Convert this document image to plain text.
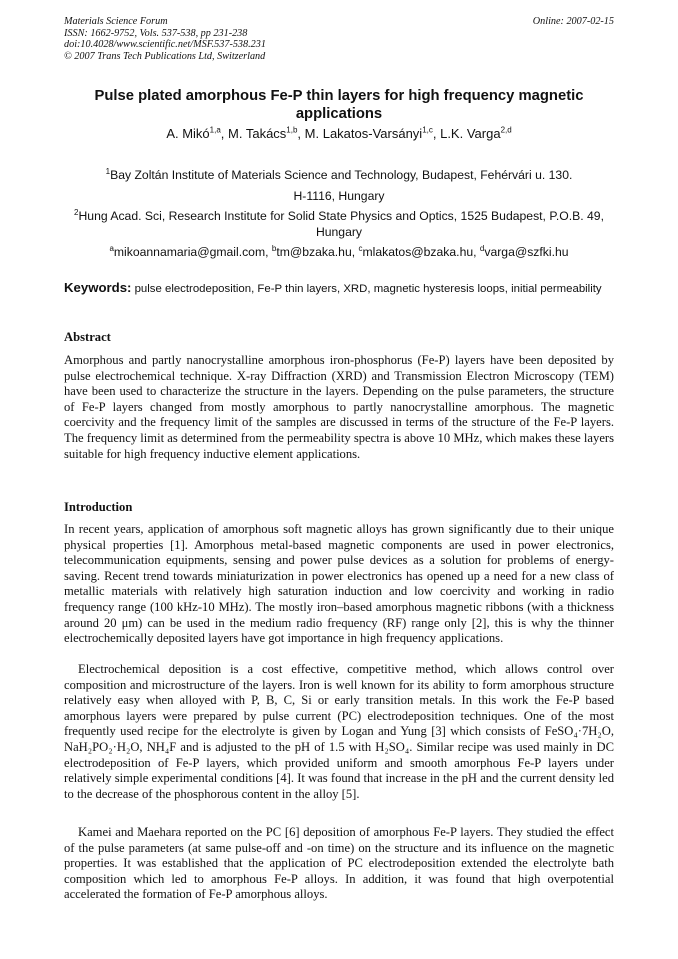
Materials Science Forum
ISSN: 1662-9752, Vols. 537-538, pp 231-238
doi:10.4028/www.scientific.net/MSF.537-538.231
© 2007 Trans Tech Publications Ltd, Switzerland
Online: 2007-02-15
Pulse plated amorphous Fe-P thin layers for high frequency magnetic applications
A. Mikó$^{1,a}$, M. Takács$^{1,b}$, M. Lakatos-Varsányi$^{1,c}$, L.K. Varga$^{2,d}$
$^1$Bay Zoltán Institute of Materials Science and Technology, Budapest, Fehérvári u. 130.
H-1116, Hungary
$^2$Hung Acad. Sci, Research Institute for Solid State Physics and Optics, 1525 Budapest, P.O.B. 49, Hungary
$^a$mikoannamaria@gmail.com, $^b$tm@bzaka.hu, $^c$mlakatos@bzaka.hu, $^d$varga@szfki.hu
Keywords: pulse electrodeposition, Fe-P thin layers, XRD, magnetic hysteresis loops, initial permeability
Abstract
Amorphous and partly nanocrystalline amorphous iron-phosphorus (Fe-P) layers have been deposited by pulse electrochemical technique. X-ray Diffraction (XRD) and Transmission Electron Microscopy (TEM) have been used to characterize the structure in the layers. Depending on the pulse parameters, the structure of Fe-P layers changed from mostly amorphous to partly nanocrystalline amorphous. The magnetic coercivity and the frequency limit of the samples are discussed in terms of the structure of the Fe-P layers. The frequency limit as determined from the permeability spectra is above 10 MHz, which makes these layers suitable for high frequency inductive element applications.
Introduction
In recent years, application of amorphous soft magnetic alloys has grown significantly due to their unique physical properties [1]. Amorphous metal-based magnetic components are used in power electronics, telecommunication equipments, sensing and power pulse devices as a solution for problems of energy-saving. Recent trend towards miniaturization in power electronics has opened up a need for a new class of metallic materials with relatively high saturation induction and low coercivity and working in radio frequency range (100 kHz-10 MHz). The mostly iron–based amorphous magnetic ribbons (with a thickness around 20 μm) can be used in the medium radio frequency (RF) range only [2], this is why the thinner electrochemically deposited layers have got importance in high frequency applications.
Electrochemical deposition is a cost effective, competitive method, which allows control over composition and microstructure of the layers. Iron is well known for its ability to form amorphous structure relatively easy when alloyed with P, B, C, Si or early transition metals. In this work the Fe-P based amorphous layers were prepared by pulse current (PC) electrodeposition techniques. One of the most frequently used recipe for the electrolyte is given by Logan and Yung [3] which consists of FeSO₄·7H₂O, NaH₂PO₂·H₂O, NH₄F and is adjusted to the pH of 1.5 with H₂SO₄. Similar recipe was used mainly in DC electrodeposition of Fe-P layers, which provided uniform and smooth amorphous Fe-P layers under relatively simple experimental conditions [4]. It was found that increase in the pH and the current density led to the decrease of the phosphorous content in the alloy [5].
Kamei and Maehara reported on the PC [6] deposition of amorphous Fe-P layers. They studied the effect of the pulse parameters (at same pulse-off and -on time) on the structure and its influence on the magnetic properties. It was established that the application of PC electrodeposition extended the electrolyte bath composition which led to amorphous Fe-P alloys. In addition, it was found that high overpotential accelerated the formation of Fe-P amorphous alloys.
